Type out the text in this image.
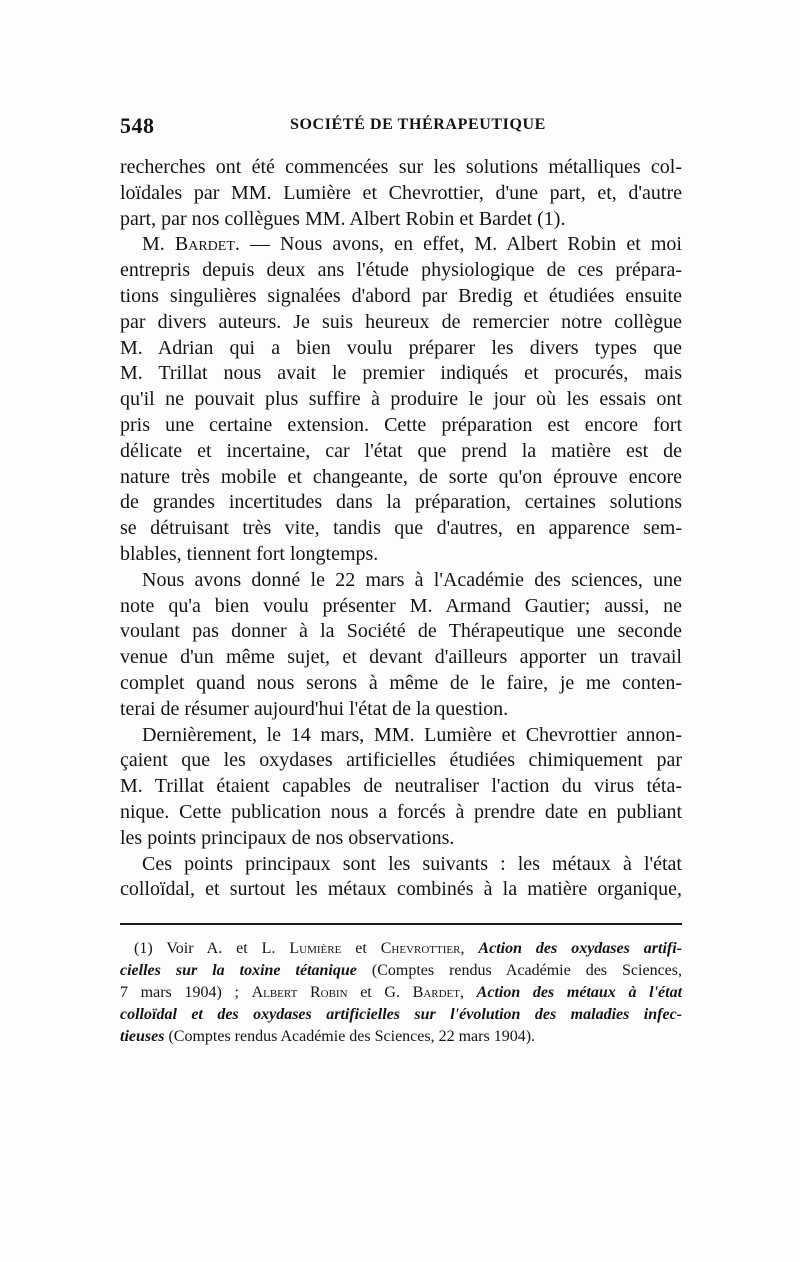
548	SOCIÉTÉ DE THÉRAPEUTIQUE
recherches ont été commencées sur les solutions métalliques col-
loïdales par MM. Lumière et Chevrottier, d'une part, et, d'autre
part, par nos collègues MM. Albert Robin et Bardet (1).
M. Bardet. — Nous avons, en effet, M. Albert Robin et moi
entrepris depuis deux ans l'étude physiologique de ces prépara-
tions singulières signalées d'abord par Bredig et étudiées ensuite
par divers auteurs. Je suis heureux de remercier notre collègue
M. Adrian qui a bien voulu préparer les divers types que
M. Trillat nous avait le premier indiqués et procurés, mais
qu'il ne pouvait plus suffire à produire le jour où les essais ont
pris une certaine extension. Cette préparation est encore fort
délicate et incertaine, car l'état que prend la matière est de
nature très mobile et changeante, de sorte qu'on éprouve encore
de grandes incertitudes dans la préparation, certaines solutions
se détruisant très vite, tandis que d'autres, en apparence sem-
blables, tiennent fort longtemps.
Nous avons donné le 22 mars à l'Académie des sciences, une
note qu'a bien voulu présenter M. Armand Gautier; aussi, ne
voulant pas donner à la Société de Thérapeutique une seconde
venue d'un même sujet, et devant d'ailleurs apporter un travail
complet quand nous serons à même de le faire, je me conten-
terai de résumer aujourd'hui l'état de la question.
Dernièrement, le 14 mars, MM. Lumière et Chevrottier annon-
çaient que les oxydases artificielles étudiées chimiquement par
M. Trillat étaient capables de neutraliser l'action du virus téta-
nique. Cette publication nous a forcés à prendre date en publiant
les points principaux de nos observations.
Ces points principaux sont les suivants : les métaux à l'état
colloïdal, et surtout les métaux combinés à la matière organique,
(1) Voir A. et L. Lumière et Chevrottier, Action des oxydases artifi-
cielles sur la toxine tétanique (Comptes rendus Académie des Sciences,
7 mars 1904) ; Albert Robin et G. Bardet, Action des métaux à l'état
colloïdal et des oxydases artificielles sur l'évolution des maladies infec-
tieuses (Comptes rendus Académie des Sciences, 22 mars 1904).
